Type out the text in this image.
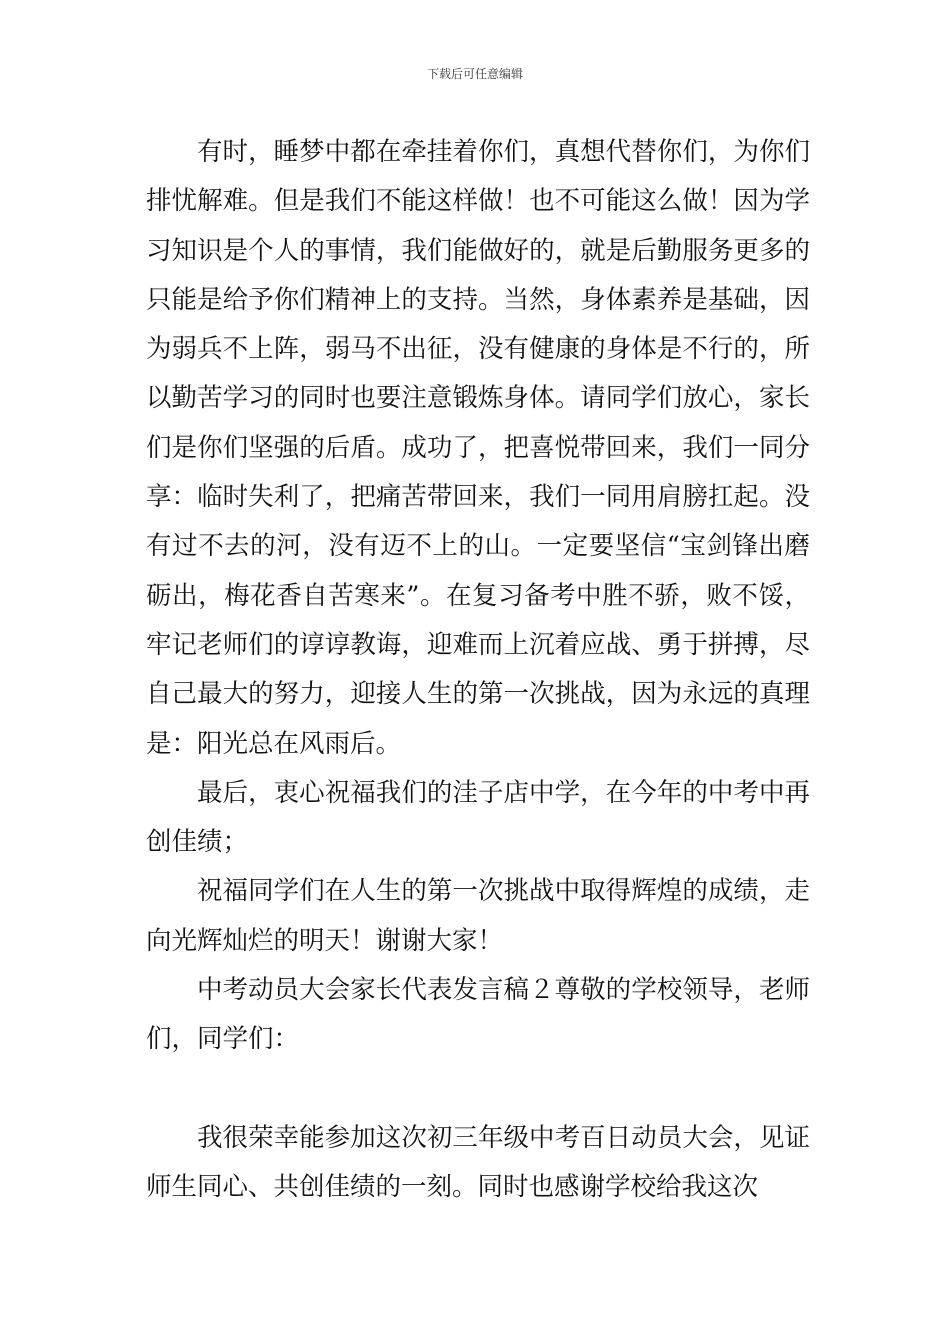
下载后可任意编辑

有时，睡梦中都在牵挂着你们，真想代替你们，为你们排忧解难。但是我们不能这样做！也不可能这么做！因为学习知识是个人的事情，我们能做好的，就是后勤服务更多的只能是给予你们精神上的支持。当然，身体素养是基础，因为弱兵不上阵，弱马不出征，没有健康的身体是不行的，所以勤苦学习的同时也要注意锻炼身体。请同学们放心，家长们是你们坚强的后盾。成功了，把喜悦带回来，我们一同分享：临时失利了，把痛苦带回来，我们一同用肩膀扛起。没有过不去的河，没有迈不上的山。一定要坚信“宝剑锋出磨砺出，梅花香自苦寒来”。在复习备考中胜不骄，败不馁，牢记老师们的谆谆教诲，迎难而上沉着应战、勇于拼搏，尽自己最大的努力，迎接人生的第一次挑战，因为永远的真理是：阳光总在风雨后。

最后，衷心祝福我们的洼子店中学，在今年的中考中再创佳绩；

祝福同学们在人生的第一次挑战中取得辉煌的成绩，走向光辉灿烂的明天！谢谢大家！

中考动员大会家长代表发言稿２尊敬的学校领导，老师们，同学们：

我很荣幸能参加这次初三年级中考百日动员大会，见证师生同心、共创佳绩的一刻。同时也感谢学校给我这次
